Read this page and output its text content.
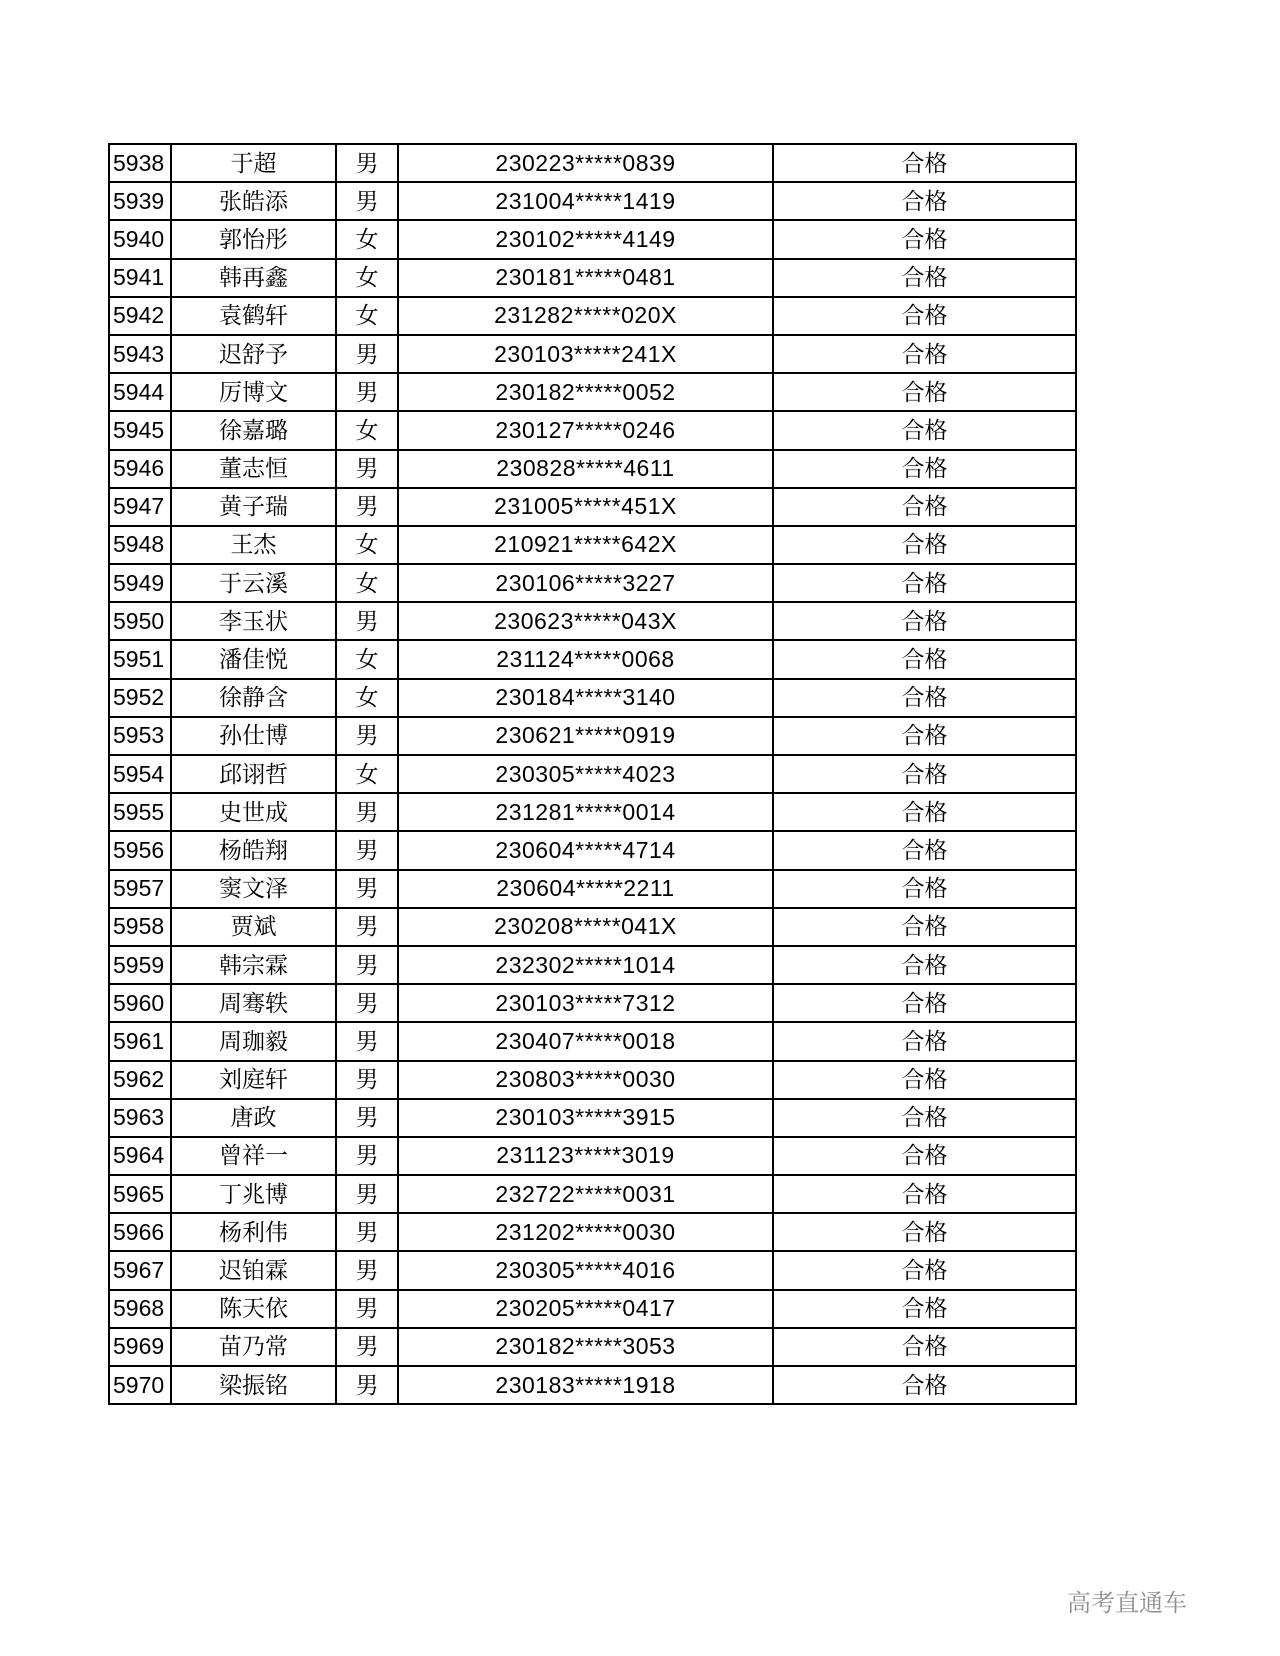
5938	于超	男	230223*****0839	合格
5939	张皓添	男	231004*****1419	合格
5940	郭怡彤	女	230102*****4149	合格
5941	韩再鑫	女	230181*****0481	合格
5942	袁鹤轩	女	231282*****020X	合格
5943	迟舒予	男	230103*****241X	合格
5944	厉博文	男	230182*****0052	合格
5945	徐嘉璐	女	230127*****0246	合格
5946	董志恒	男	230828*****4611	合格
5947	黄子瑞	男	231005*****451X	合格
5948	王杰	女	210921*****642X	合格
5949	于云溪	女	230106*****3227	合格
5950	李玉状	男	230623*****043X	合格
5951	潘佳悦	女	231124*****0068	合格
5952	徐静含	女	230184*****3140	合格
5953	孙仕博	男	230621*****0919	合格
5954	邱诩哲	女	230305*****4023	合格
5955	史世成	男	231281*****0014	合格
5956	杨皓翔	男	230604*****4714	合格
5957	窦文泽	男	230604*****2211	合格
5958	贾斌	男	230208*****041X	合格
5959	韩宗霖	男	232302*****1014	合格
5960	周骞轶	男	230103*****7312	合格
5961	周珈毅	男	230407*****0018	合格
5962	刘庭轩	男	230803*****0030	合格
5963	唐政	男	230103*****3915	合格
5964	曾祥一	男	231123*****3019	合格
5965	丁兆博	男	232722*****0031	合格
5966	杨利伟	男	231202*****0030	合格
5967	迟铂霖	男	230305*****4016	合格
5968	陈天依	男	230205*****0417	合格
5969	苗乃常	男	230182*****3053	合格
5970	梁振铭	男	230183*****1918	合格
高考直通车
